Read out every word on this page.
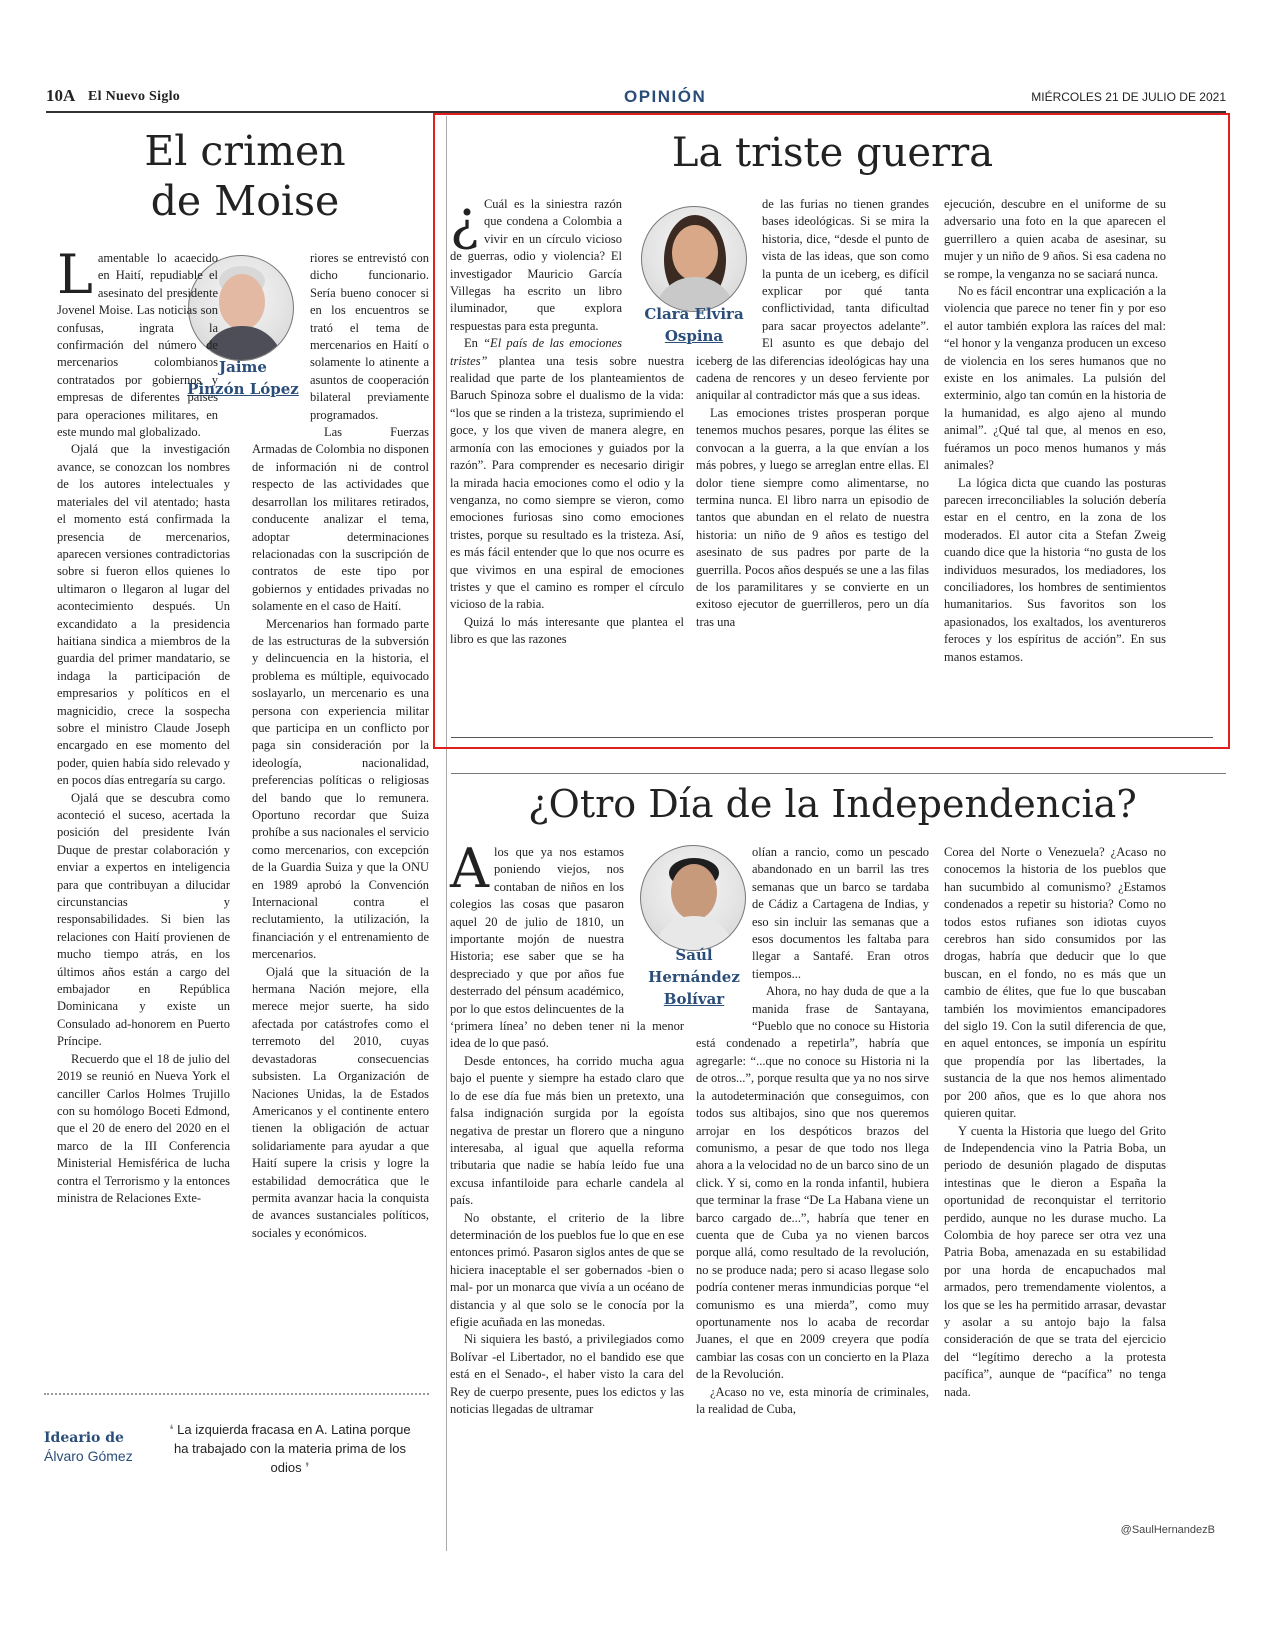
10A El Nuevo Siglo	OPINIÓN	MIÉRCOLES 21 DE JULIO DE 2021
El crimen
de Moise
Jaime
Pinzón López

Lamentable lo acaecido en Haití, repudiable el asesinato del presidente Jovenel Moise. Las noticias son confusas, ingrata la confirmación del número de mercenarios colombianos contratados por gobiernos y empresas de diferentes países para operaciones militares, en este mundo mal globalizado.

Ojalá que la investigación avance, se conozcan los nombres de los autores intelectuales y materiales del vil atentado; hasta el momento está confirmada la presencia de mercenarios, aparecen versiones contradictorias sobre si fueron ellos quienes lo ultimaron o llegaron al lugar del acontecimiento después. Un excandidato a la presidencia haitiana sindica a miembros de la guardia del primer mandatario, se indaga la participación de empresarios y políticos en el magnicidio, crece la sospecha sobre el ministro Claude Joseph encargado en ese momento del poder, quien había sido relevado y en pocos días entregaría su cargo.

Ojalá que se descubra como aconteció el suceso, acertada la posición del presidente Iván Duque de prestar colaboración y enviar a expertos en inteligencia para que contribuyan a dilucidar circunstancias y responsabilidades. Si bien las relaciones con Haití provienen de mucho tiempo atrás, en los últimos años están a cargo del embajador en República Dominicana y existe un Consulado ad-honorem en Puerto Príncipe.

Recuerdo que el 18 de julio del 2019 se reunió en Nueva York el canciller Carlos Holmes Trujillo con su homólogo Boceti Edmond, que el 20 de enero del 2020 en el marco de la III Conferencia Ministerial Hemisférica de lucha contra el Terrorismo y la entonces ministra de Relaciones Exte-

riores se entrevistó con dicho funcionario. Sería bueno conocer si en los encuentros se trató el tema de mercenarios en Haití o solamente lo atinente a asuntos de cooperación bilateral previamente programados.

Las Fuerzas Armadas de Colombia no disponen de información ni de control respecto de las actividades que desarrollan los militares retirados, conducente analizar el tema, adoptar determinaciones relacionadas con la suscripción de contratos de este tipo por gobiernos y entidades privadas no solamente en el caso de Haití.

Mercenarios han formado parte de las estructuras de la subversión y delincuencia en la historia, el problema es múltiple, equivocado soslayarlo, un mercenario es una persona con experiencia militar que participa en un conflicto por paga sin consideración por la ideología, nacionalidad, preferencias políticas o religiosas del bando que lo remunera. Oportuno recordar que Suiza prohíbe a sus nacionales el servicio como mercenarios, con excepción de la Guardia Suiza y que la ONU en 1989 aprobó la Convención Internacional contra el reclutamiento, la utilización, la financiación y el entrenamiento de mercenarios.

Ojalá que la situación de la hermana Nación mejore, ella merece mejor suerte, ha sido afectada por catástrofes como el terremoto del 2010, cuyas devastadoras consecuencias subsisten. La Organización de Naciones Unidas, la de Estados Americanos y el continente entero tienen la obligación de actuar solidariamente para ayudar a que Haití supere la crisis y logre la estabilidad democrática que le permita avanzar hacia la conquista de avances sustanciales políticos, sociales y económicos.

Ideario de
Álvaro Gómez
❛ La izquierda fracasa en A. Latina porque ha trabajado con la materia prima de los odios ❜
La triste guerra
Clara Elvira
Ospina

¿ Cuál es la siniestra razón que condena a Colombia a vivir en un círculo vicioso de guerras, odio y violencia? El investigador Mauricio García Villegas ha escrito un libro iluminador, que explora respuestas para esta pregunta.

En “El país de las emociones tristes” plantea una tesis sobre nuestra realidad que parte de los planteamientos de Baruch Spinoza sobre el dualismo de la vida: “los que se rinden a la tristeza, suprimiendo el goce, y los que viven de manera alegre, en armonía con las emociones y guiados por la razón”. Para comprender es necesario dirigir la mirada hacia emociones como el odio y la venganza, no como siempre se vieron, como emociones furiosas sino como emociones tristes, porque su resultado es la tristeza. Así, es más fácil entender que lo que nos ocurre es que vivimos en una espiral de emociones tristes y que el camino es romper el círculo vicioso de la rabia.

Quizá lo más interesante que plantea el libro es que las razones

de las furias no tienen grandes bases ideológicas. Si se mira la historia, dice, “desde el punto de vista de las ideas, que son como la punta de un iceberg, es difícil explicar por qué tanta conflictividad, tanta dificultad para sacar proyectos adelante”. El asunto es que debajo del iceberg de las diferencias ideológicas hay una cadena de rencores y un deseo ferviente por aniquilar al contradictor más que a sus ideas.

Las emociones tristes prosperan porque tenemos muchos pesares, porque las élites se convocan a la guerra, a la que envían a los más pobres, y luego se arreglan entre ellas. El dolor tiene siempre como alimentarse, no termina nunca. El libro narra un episodio de tantos que abundan en el relato de nuestra historia: un niño de 9 años es testigo del asesinato de sus padres por parte de la guerrilla. Pocos años después se une a las filas de los paramilitares y se convierte en un exitoso ejecutor de guerrilleros, pero un día tras una

ejecución, descubre en el uniforme de su adversario una foto en la que aparecen el guerrillero a quien acaba de asesinar, su mujer y un niño de 9 años. Si esa cadena no se rompe, la venganza no se saciará nunca.

No es fácil encontrar una explicación a la violencia que parece no tener fin y por eso el autor también explora las raíces del mal: “el honor y la venganza producen un exceso de violencia en los seres humanos que no existe en los animales. La pulsión del exterminio, algo tan común en la historia de la humanidad, es algo ajeno al mundo animal”. ¿Qué tal que, al menos en eso, fuéramos un poco menos humanos y más animales?

La lógica dicta que cuando las posturas parecen irreconciliables la solución debería estar en el centro, en la zona de los moderados. El autor cita a Stefan Zweig cuando dice que la historia “no gusta de los individuos mesurados, los mediadores, los conciliadores, los hombres de sentimientos humanitarios. Sus favoritos son los apasionados, los exaltados, los aventureros feroces y los espíritus de acción”. En sus manos estamos.

¿Otro Día de la Independencia?
Saúl
Hernández
Bolívar

Alos que ya nos estamos poniendo viejos, nos contaban de niños en los colegios las cosas que pasaron aquel 20 de julio de 1810, un importante mojón de nuestra Historia; ese saber que se ha despreciado y que por años fue desterrado del pénsum académico, por lo que estos delincuentes de la ‘primera línea’ no deben tener ni la menor idea de lo que pasó.

Desde entonces, ha corrido mucha agua bajo el puente y siempre ha estado claro que lo de ese día fue más bien un pretexto, una falsa indignación surgida por la egoísta negativa de prestar un florero que a ninguno interesaba, al igual que aquella reforma tributaria que nadie se había leído fue una excusa infantiloide para echarle candela al país.

No obstante, el criterio de la libre determinación de los pueblos fue lo que en ese entonces primó. Pasaron siglos antes de que se hiciera inaceptable el ser gobernados -bien o mal- por un monarca que vivía a un océano de distancia y al que solo se le conocía por la efigie acuñada en las monedas.

Ni siquiera les bastó, a privilegiados como Bolívar -el Libertador, no el bandido ese que está en el Senado-, el haber visto la cara del Rey de cuerpo presente, pues los edictos y las noticias llegadas de ultramar

olían a rancio, como un pescado abandonado en un barril las tres semanas que un barco se tardaba de Cádiz a Cartagena de Indias, y eso sin incluir las semanas que a esos documentos les faltaba para llegar a Santafé. Eran otros tiempos...

Ahora, no hay duda de que a la manida frase de Santayana, “Pueblo que no conoce su Historia está condenado a repetirla”, habría que agregarle: “...que no conoce su Historia ni la de otros...”, porque resulta que ya no nos sirve la autodeterminación que conseguimos, con todos sus altibajos, sino que nos queremos arrojar en los despóticos brazos del comunismo, a pesar de que todo nos llega ahora a la velocidad no de un barco sino de un click. Y si, como en la ronda infantil, hubiera que terminar la frase “De La Habana viene un barco cargado de...”, habría que tener en cuenta que de Cuba ya no vienen barcos porque allá, como resultado de la revolución, no se produce nada; pero si acaso llegase solo podría contener meras inmundicias porque “el comunismo es una mierda”, como muy oportunamente nos lo acaba de recordar Juanes, el que en 2009 creyera que podía cambiar las cosas con un concierto en la Plaza de la Revolución.

¿Acaso no ve, esta minoría de criminales, la realidad de Cuba,

Corea del Norte o Venezuela? ¿Acaso no conocemos la historia de los pueblos que han sucumbido al comunismo? ¿Estamos condenados a repetir su historia? Como no todos estos rufianes son idiotas cuyos cerebros han sido consumidos por las drogas, habría que deducir que lo que buscan, en el fondo, no es más que un cambio de élites, que fue lo que buscaban también los movimientos emancipadores del siglo 19. Con la sutil diferencia de que, en aquel entonces, se imponía un espíritu que propendía por las libertades, la sustancia de la que nos hemos alimentado por 200 años, que es lo que ahora nos quieren quitar.

Y cuenta la Historia que luego del Grito de Independencia vino la Patria Boba, un periodo de desunión plagado de disputas intestinas que le dieron a España la oportunidad de reconquistar el territorio perdido, aunque no les durase mucho. La Colombia de hoy parece ser otra vez una Patria Boba, amenazada en su estabilidad por una horda de encapuchados mal armados, pero tremendamente violentos, a los que se les ha permitido arrasar, devastar y asolar a su antojo bajo la falsa consideración de que se trata del ejercicio del “legítimo derecho a la protesta pacífica”, aunque de “pacífica” no tenga nada.

@SaulHernandezB
